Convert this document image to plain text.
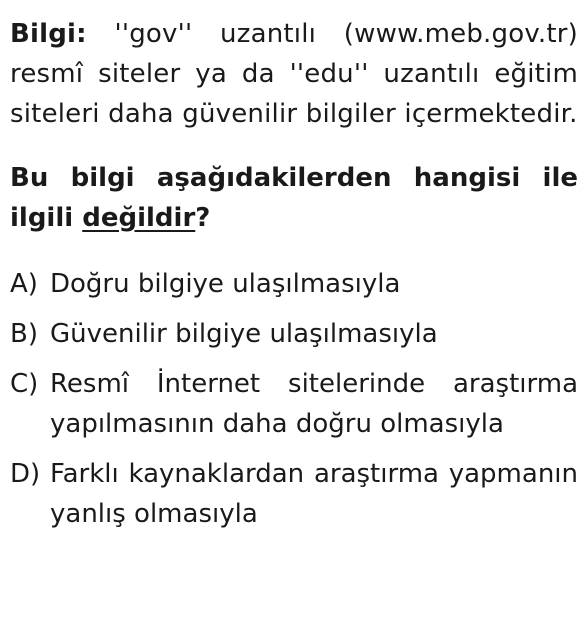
Bilgi: ''gov'' uzantılı (www.meb.gov.tr) resmî siteler ya da ''edu'' uzantılı eğitim siteleri daha güvenilir bilgiler içermektedir.

Bu bilgi aşağıdakilerden hangisi ile ilgili değildir?

A) Doğru bilgiye ulaşılmasıyla
B) Güvenilir bilgiye ulaşılmasıyla
C) Resmî İnternet sitelerinde araştırma yapılmasının daha doğru olmasıyla
D) Farklı kaynaklardan araştırma yapmanın yanlış olmasıyla
